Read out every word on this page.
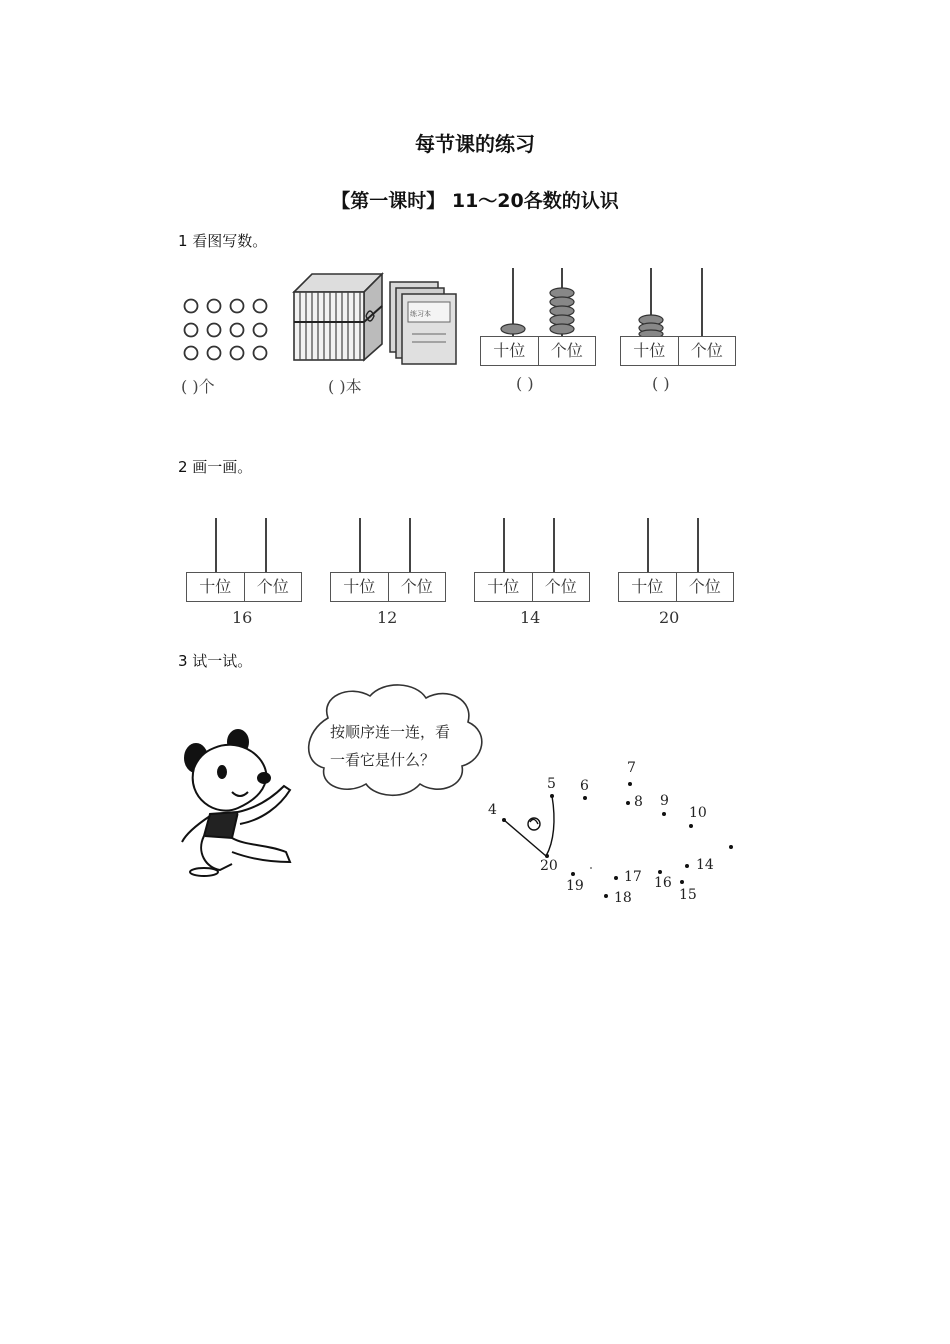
每节课的练习
【第一课时】 11～20各数的认识
1 看图写数。
( )个
练习本
( )本
十位	个位
( )
十位	个位
( )
2 画一画。
十位	个位
16
十位	个位
12
十位	个位
14
十位	个位
20
3 试一试。
按顺序连一连，看
一看它是什么？
4
5 6
7
8 9
10
14
15
16
17
18
19
20
